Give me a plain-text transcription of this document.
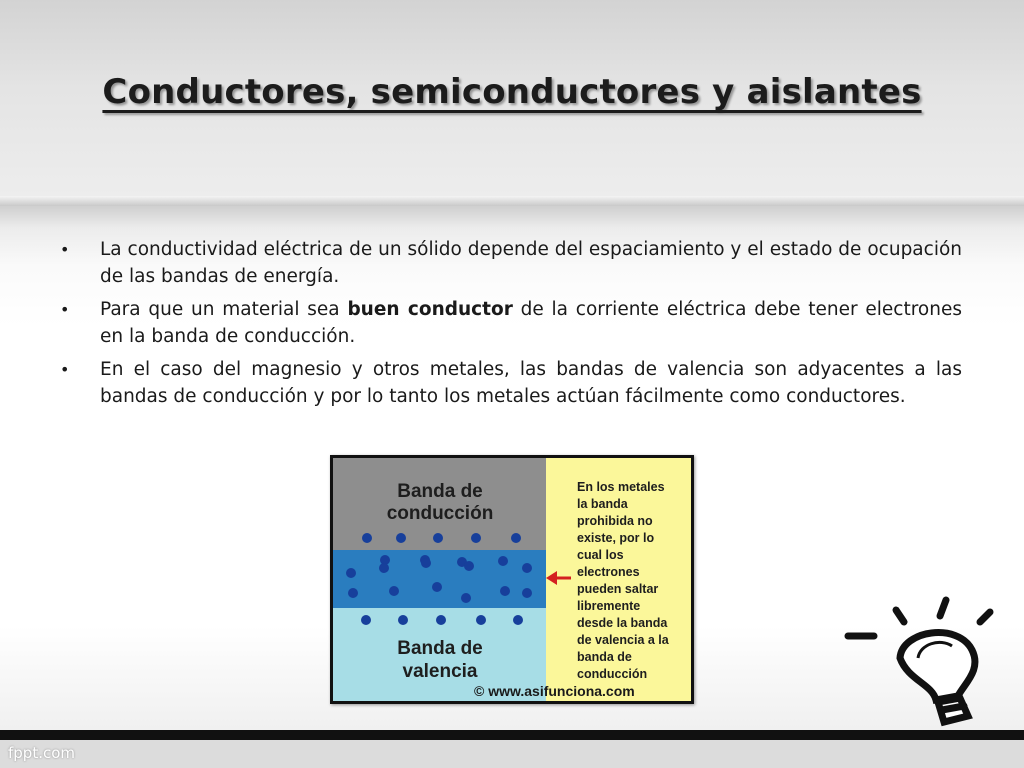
Conductores, semiconductores y aislantes
• La conductividad eléctrica de un sólido depende del espaciamiento y el estado de ocupación de las bandas de energía.
• Para que un material sea buen conductor de la corriente eléctrica debe tener electrones en la banda de conducción.
• En el caso del magnesio y otros metales, las bandas de valencia son adyacentes a las bandas de conducción y por lo tanto los metales actúan fácilmente como conductores.
Banda de
conducción
Banda de
valencia
En los metales
la banda
prohibida no
existe, por lo
cual los
electrones
pueden saltar
libremente
desde la banda
de valencia a la
banda de
conducción
© www.asifunciona.com
fppt.com
